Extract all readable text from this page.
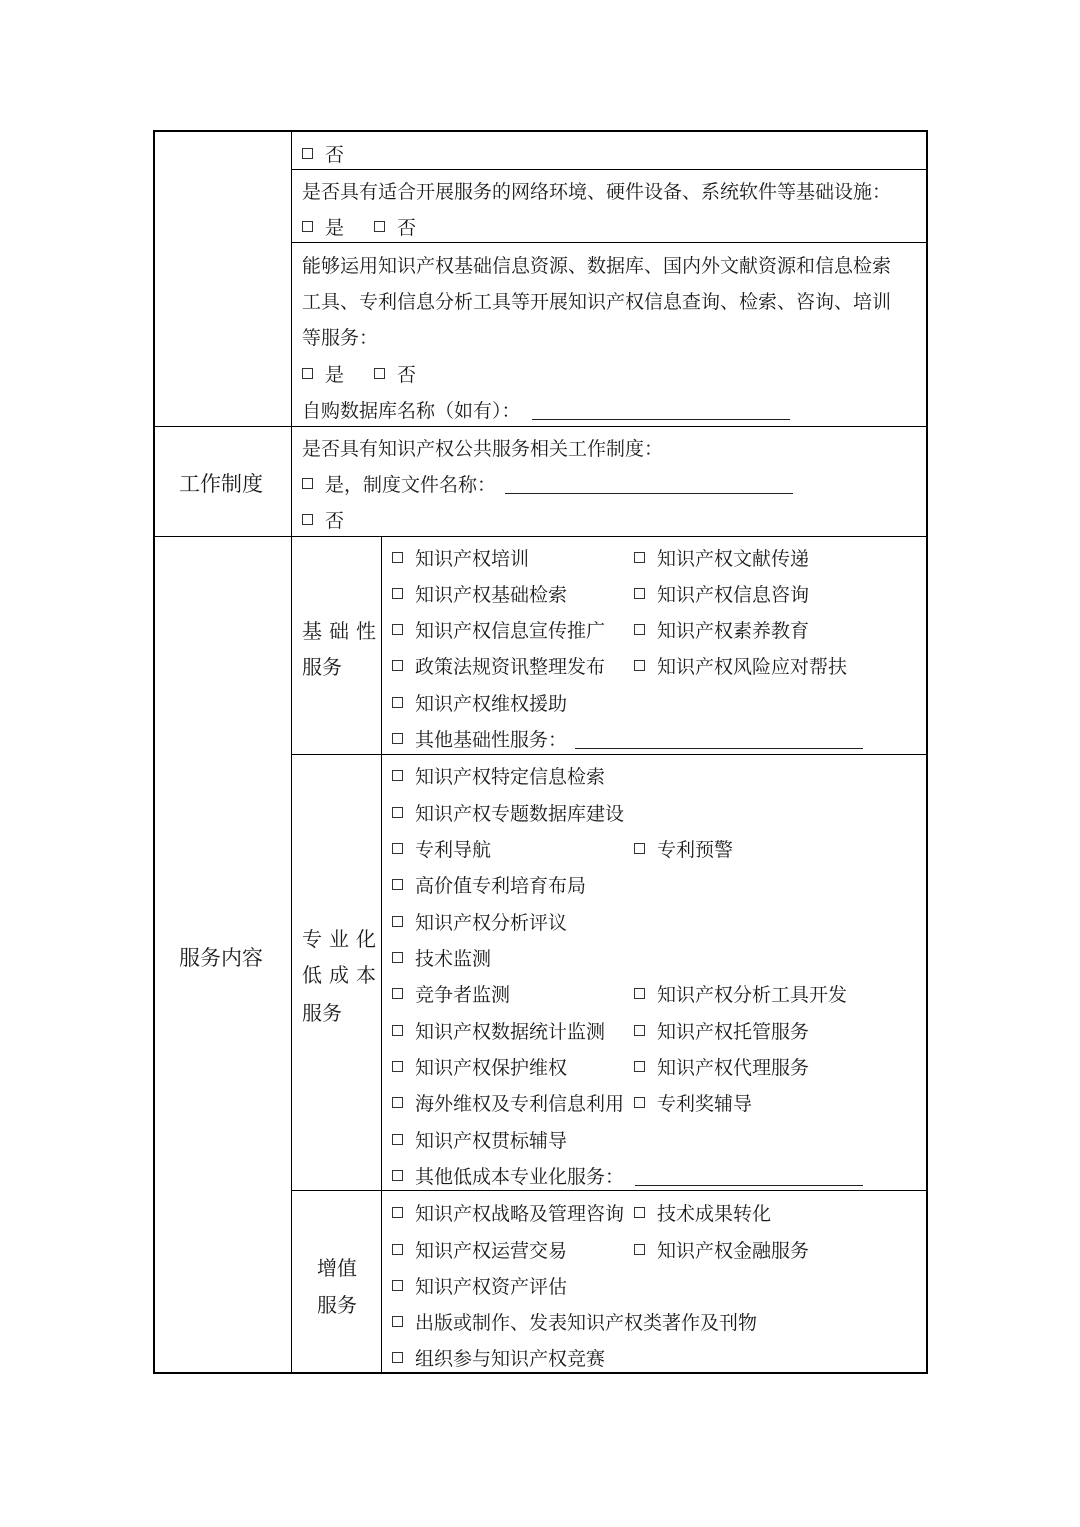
否
是否具有适合开展服务的网络环境、硬件设备、系统软件等基础设施：
是	否
能够运用知识产权基础信息资源、数据库、国内外文献资源和信息检索
工具、专利信息分析工具等开展知识产权信息查询、检索、咨询、培训
等服务：
是	否
自购数据库名称（如有）：
工作制度
是否具有知识产权公共服务相关工作制度：
是，制度文件名称：
否
服务内容
基 础 性
服务
知识产权培训	知识产权文献传递
知识产权基础检索	知识产权信息咨询
知识产权信息宣传推广	知识产权素养教育
政策法规资讯整理发布	知识产权风险应对帮扶
知识产权维权援助
其他基础性服务：
专 业 化
低 成 本
服务
知识产权特定信息检索
知识产权专题数据库建设
专利导航	专利预警
高价值专利培育布局
知识产权分析评议
技术监测
竞争者监测	知识产权分析工具开发
知识产权数据统计监测	知识产权托管服务
知识产权保护维权	知识产权代理服务
海外维权及专利信息利用 专利奖辅导
知识产权贯标辅导
其他低成本专业化服务：
增值
服务
知识产权战略及管理咨询 技术成果转化
知识产权运营交易	知识产权金融服务
知识产权资产评估
出版或制作、发表知识产权类著作及刊物
组织参与知识产权竞赛
